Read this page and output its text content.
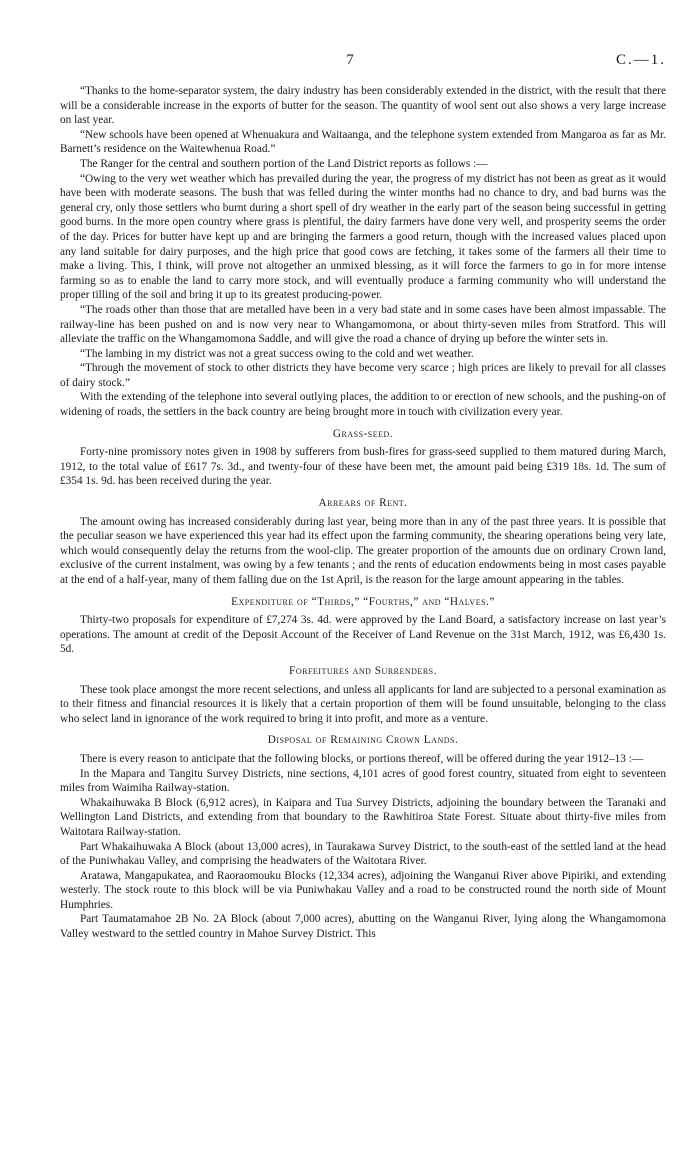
7	C.—1.

“Thanks to the home-separator system, the dairy industry has been considerably extended in the district, with the result that there will be a considerable increase in the exports of butter for the season. The quantity of wool sent out also shows a very large increase on last year.

“New schools have been opened at Whenuakura and Waitaanga, and the telephone system extended from Mangaroa as far as Mr. Barnett’s residence on the Waitewhenua Road.”

The Ranger for the central and southern portion of the Land District reports as follows :—

“Owing to the very wet weather which has prevailed during the year, the progress of my district has not been as great as it would have been with moderate seasons. The bush that was felled during the winter months had no chance to dry, and bad burns was the general cry, only those settlers who burnt during a short spell of dry weather in the early part of the season being successful in getting good burns. In the more open country where grass is plentiful, the dairy farmers have done very well, and prosperity seems the order of the day. Prices for butter have kept up and are bringing the farmers a good return, though with the increased values placed upon any land suitable for dairy purposes, and the high price that good cows are fetching, it takes some of the farmers all their time to make a living. This, I think, will prove not altogether an unmixed blessing, as it will force the farmers to go in for more intense farming so as to enable the land to carry more stock, and will eventually produce a farming community who will understand the proper tilling of the soil and bring it up to its greatest producing-power.

“The roads other than those that are metalled have been in a very bad state and in some cases have been almost impassable. The railway-line has been pushed on and is now very near to Whangamomona, or about thirty-seven miles from Stratford. This will alleviate the traffic on the Whangamomona Saddle, and will give the road a chance of drying up before the winter sets in.

“The lambing in my district was not a great success owing to the cold and wet weather.

“Through the movement of stock to other districts they have become very scarce ; high prices are likely to prevail for all classes of dairy stock.”

With the extending of the telephone into several outlying places, the addition to or erection of new schools, and the pushing-on of widening of roads, the settlers in the back country are being brought more in touch with civilization every year.

Grass-seed.

Forty-nine promissory notes given in 1908 by sufferers from bush-fires for grass-seed supplied to them matured during March, 1912, to the total value of £617 7s. 3d., and twenty-four of these have been met, the amount paid being £319 18s. 1d. The sum of £354 1s. 9d. has been received during the year.

Arrears of Rent.

The amount owing has increased considerably during last year, being more than in any of the past three years. It is possible that the peculiar season we have experienced this year had its effect upon the farming community, the shearing operations being very late, which would consequently delay the returns from the wool-clip. The greater proportion of the amounts due on ordinary Crown land, exclusive of the current instalment, was owing by a few tenants ; and the rents of education endowments being in most cases payable at the end of a half-year, many of them falling due on the 1st April, is the reason for the large amount appearing in the tables.

Expenditure of “Thirds,” “Fourths,” and “Halves.”

Thirty-two proposals for expenditure of £7,274 3s. 4d. were approved by the Land Board, a satisfactory increase on last year’s operations. The amount at credit of the Deposit Account of the Receiver of Land Revenue on the 31st March, 1912, was £6,430 1s. 5d.

Forfeitures and Surrenders.

These took place amongst the more recent selections, and unless all applicants for land are subjected to a personal examination as to their fitness and financial resources it is likely that a certain proportion of them will be found unsuitable, belonging to the class who select land in ignorance of the work required to bring it into profit, and more as a venture.

Disposal of Remaining Crown Lands.

There is every reason to anticipate that the following blocks, or portions thereof, will be offered during the year 1912–13 :—

In the Mapara and Tangitu Survey Districts, nine sections, 4,101 acres of good forest country, situated from eight to seventeen miles from Waimiha Railway-station.

Whakaihuwaka B Block (6,912 acres), in Kaipara and Tua Survey Districts, adjoining the boundary between the Taranaki and Wellington Land Districts, and extending from that boundary to the Rawhitiroa State Forest. Situate about thirty-five miles from Waitotara Railway-station.

Part Whakaihuwaka A Block (about 13,000 acres), in Taurakawa Survey District, to the south-east of the settled land at the head of the Puniwhakau Valley, and comprising the headwaters of the Waitotara River.

Aratawa, Mangapukatea, and Raoraomouku Blocks (12,334 acres), adjoining the Wanganui River above Pipiriki, and extending westerly. The stock route to this block will be via Puniwhakau Valley and a road to be constructed round the north side of Mount Humphries.

Part Taumatamahoe 2B No. 2A Block (about 7,000 acres), abutting on the Wanganui River, lying along the Whangamomona Valley westward to the settled country in Mahoe Survey District. This
